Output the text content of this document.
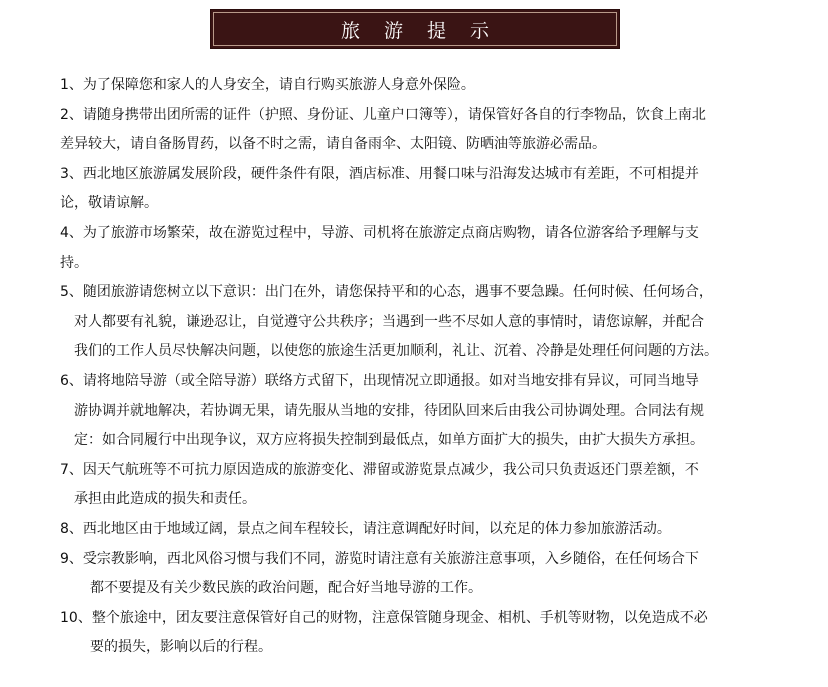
旅 游 提 示
1、为了保障您和家人的人身安全，请自行购买旅游人身意外保险。
2、请随身携带出团所需的证件（护照、身份证、儿童户口簿等），请保管好各自的行李物品，饮食上南北
差异较大，请自备肠胃药，以备不时之需，请自备雨伞、太阳镜、防晒油等旅游必需品。
3、西北地区旅游属发展阶段，硬件条件有限，酒店标准、用餐口味与沿海发达城市有差距，不可相提并
论，敬请谅解。
4、为了旅游市场繁荣，故在游览过程中，导游、司机将在旅游定点商店购物，请各位游客给予理解与支
持。
5、随团旅游请您树立以下意识：出门在外，请您保持平和的心态，遇事不要急躁。任何时候、任何场合，
对人都要有礼貌，谦逊忍让，自觉遵守公共秩序；当遇到一些不尽如人意的事情时，请您谅解，并配合
我们的工作人员尽快解决问题，以使您的旅途生活更加顺利，礼让、沉着、冷静是处理任何问题的方法。
6、请将地陪导游（或全陪导游）联络方式留下，出现情况立即通报。如对当地安排有异议，可同当地导
游协调并就地解决，若协调无果，请先服从当地的安排，待团队回来后由我公司协调处理。合同法有规
定：如合同履行中出现争议，双方应将损失控制到最低点，如单方面扩大的损失，由扩大损失方承担。
7、因天气航班等不可抗力原因造成的旅游变化、滞留或游览景点减少，我公司只负责返还门票差额，不
承担由此造成的损失和责任。
8、西北地区由于地域辽阔，景点之间车程较长，请注意调配好时间，以充足的体力参加旅游活动。
9、受宗教影响，西北风俗习惯与我们不同，游览时请注意有关旅游注意事项，入乡随俗，在任何场合下
都不要提及有关少数民族的政治问题，配合好当地导游的工作。
10、整个旅途中，团友要注意保管好自己的财物，注意保管随身现金、相机、手机等财物，以免造成不必
要的损失，影响以后的行程。
